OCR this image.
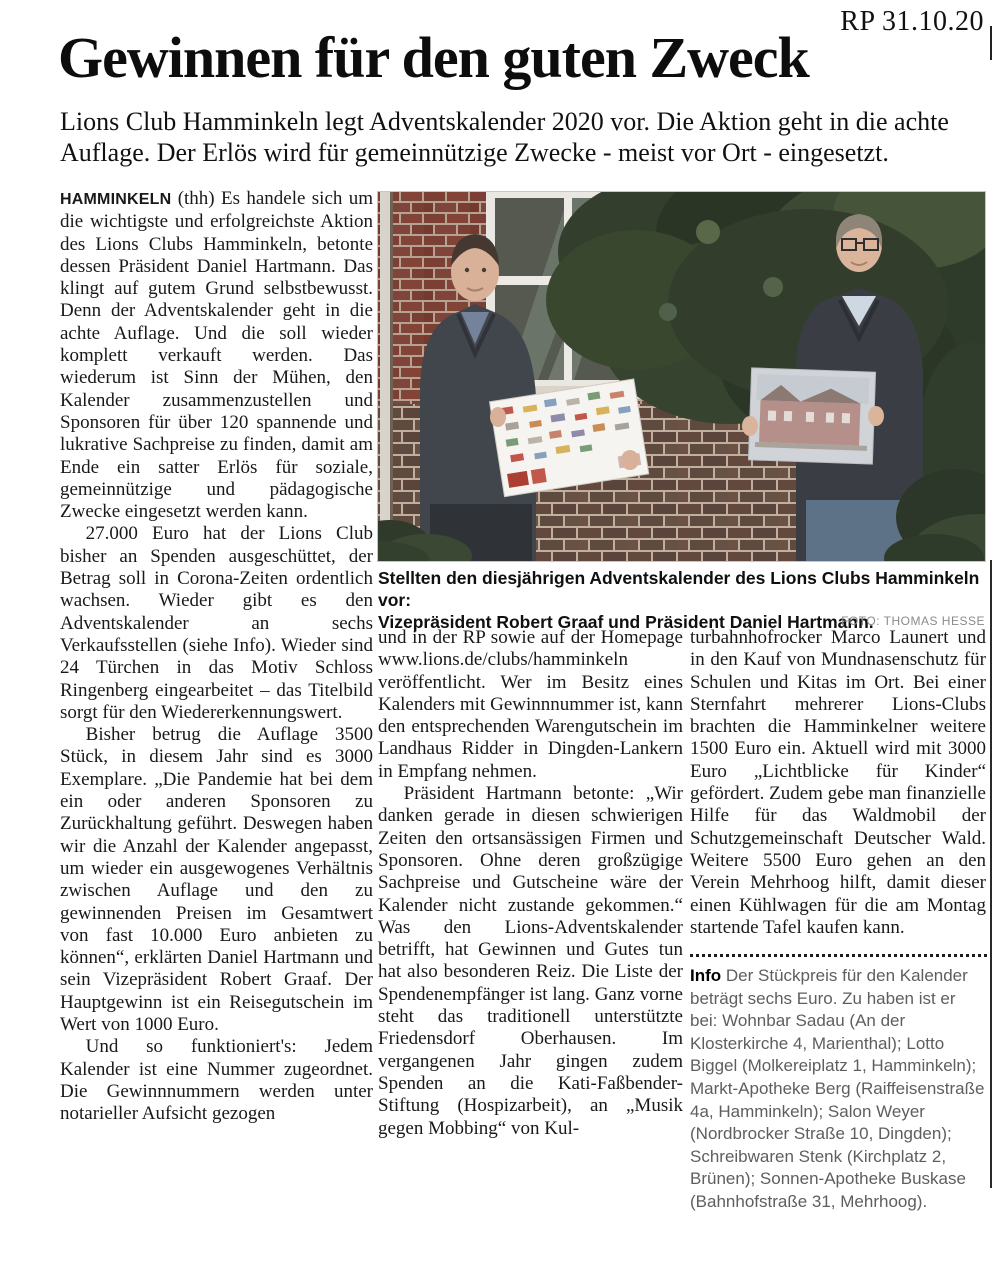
RP 31.10.20
Gewinnen für den guten Zweck

Lions Club Hamminkeln legt Adventskalender 2020 vor. Die Aktion geht in die achte Auflage. Der Erlös wird für gemeinnützige Zwecke - meist vor Ort - eingesetzt.

HAMMINKELN (thh) Es handele sich um die wichtigste und erfolgreichste Aktion des Lions Clubs Hamminkeln, betonte dessen Präsident Daniel Hartmann. Das klingt auf gutem Grund selbstbewusst. Denn der Adventskalender geht in die achte Auflage. Und die soll wieder komplett verkauft werden. Das wiederum ist Sinn der Mühen, den Kalender zusammenzustellen und Sponsoren für über 120 spannende und lukrative Sachpreise zu finden, damit am Ende ein satter Erlös für soziale, gemeinnützige und pädagogische Zwecke eingesetzt werden kann.

27.000 Euro hat der Lions Club bisher an Spenden ausgeschüttet, der Betrag soll in Corona-Zeiten ordentlich wachsen. Wieder gibt es den Adventskalender an sechs Verkaufsstellen (siehe Info). Wieder sind 24 Türchen in das Motiv Schloss Ringenberg eingearbeitet – das Titelbild sorgt für den Wiedererkennungswert.

Bisher betrug die Auflage 3500 Stück, in diesem Jahr sind es 3000 Exemplare. „Die Pandemie hat bei dem ein oder anderen Sponsoren zu Zurückhaltung geführt. Deswegen haben wir die Anzahl der Kalender angepasst, um wieder ein ausgewogenes Verhältnis zwischen Auflage und den zu gewinnenden Preisen im Gesamtwert von fast 10.000 Euro anbieten zu können“, erklärten Daniel Hartmann und sein Vizepräsident Robert Graaf. Der Hauptgewinn ist ein Reisegutschein im Wert von 1000 Euro.

Und so funktioniert's: Jedem Kalender ist eine Nummer zugeordnet. Die Gewinnnummern werden unter notarieller Aufsicht gezogen

Stellten den diesjährigen Adventskalender des Lions Clubs Hamminkeln vor:
Vizepräsident Robert Graaf und Präsident Daniel Hartmann.
FOTO: THOMAS HESSE

und in der RP sowie auf der Homepage www.lions.de/clubs/hamminkeln veröffentlicht. Wer im Besitz eines Kalenders mit Gewinnnummer ist, kann den entsprechenden Warengutschein im Landhaus Ridder in Dingden-Lankern in Empfang nehmen.

Präsident Hartmann betonte: „Wir danken gerade in diesen schwierigen Zeiten den ortsansässigen Firmen und Sponsoren. Ohne deren großzügige Sachpreise und Gutscheine wäre der Kalender nicht zustande gekommen.“ Was den Lions-Adventskalender betrifft, hat Gewinnen und Gutes tun hat also besonderen Reiz. Die Liste der Spendenempfänger ist lang. Ganz vorne steht das traditionell unterstützte Friedensdorf Oberhausen. Im vergangenen Jahr gingen zudem Spenden an die Kati-Faßbender-Stiftung (Hospizarbeit), an „Musik gegen Mobbing“ von Kul-

turbahnhofrocker Marco Launert und in den Kauf von Mundnasenschutz für Schulen und Kitas im Ort. Bei einer Sternfahrt mehrerer Lions-Clubs brachten die Hamminkelner weitere 1500 Euro ein. Aktuell wird mit 3000 Euro „Lichtblicke für Kinder“ gefördert. Zudem gebe man finanzielle Hilfe für das Waldmobil der Schutzgemeinschaft Deutscher Wald. Weitere 5500 Euro gehen an den Verein Mehrhoog hilft, damit dieser einen Kühlwagen für die am Montag startende Tafel kaufen kann.

Info Der Stückpreis für den Kalender beträgt sechs Euro. Zu haben ist er bei: Wohnbar Sadau (An der Klosterkirche 4, Marienthal); Lotto Biggel (Molkereiplatz 1, Hamminkeln); Markt-Apotheke Berg (Raiffeisenstraße 4a, Hamminkeln); Salon Weyer (Nordbrocker Straße 10, Dingden); Schreibwaren Stenk (Kirchplatz 2, Brünen); Sonnen-Apotheke Buskase (Bahnhofstraße 31, Mehrhoog).
